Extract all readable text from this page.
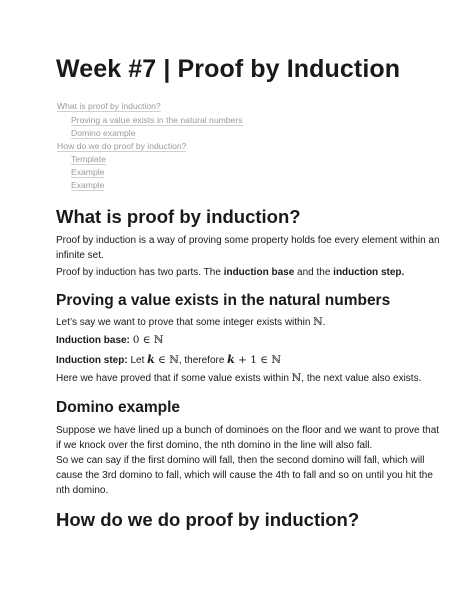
Week #7 | Proof by Induction
What is proof by induction?
Proving a value exists in the natural numbers
Domino example
How do we do proof by induction?
Template
Example
Example
What is proof by induction?
Proof by induction is a way of proving some property holds foe every element within an
infinite set.
Proof by induction has two parts. The induction base and the induction step.
Proving a value exists in the natural numbers
Let’s say we want to prove that some integer exists within ℕ.
Induction base: 0 ∈ ℕ
Induction step: Let k ∈ ℕ, therefore k + 1 ∈ ℕ
Here we have proved that if some value exists within ℕ, the next value also exists.
Domino example
Suppose we have lined up a bunch of dominoes on the floor and we want to prove that
if we knock over the first domino, the nth domino in the line will also fall.
So we can say if the first domino will fall, then the second domino will fall, which will
cause the 3rd domino to fall, which will cause the 4th to fall and so on until you hit the
nth domino.
How do we do proof by induction?
